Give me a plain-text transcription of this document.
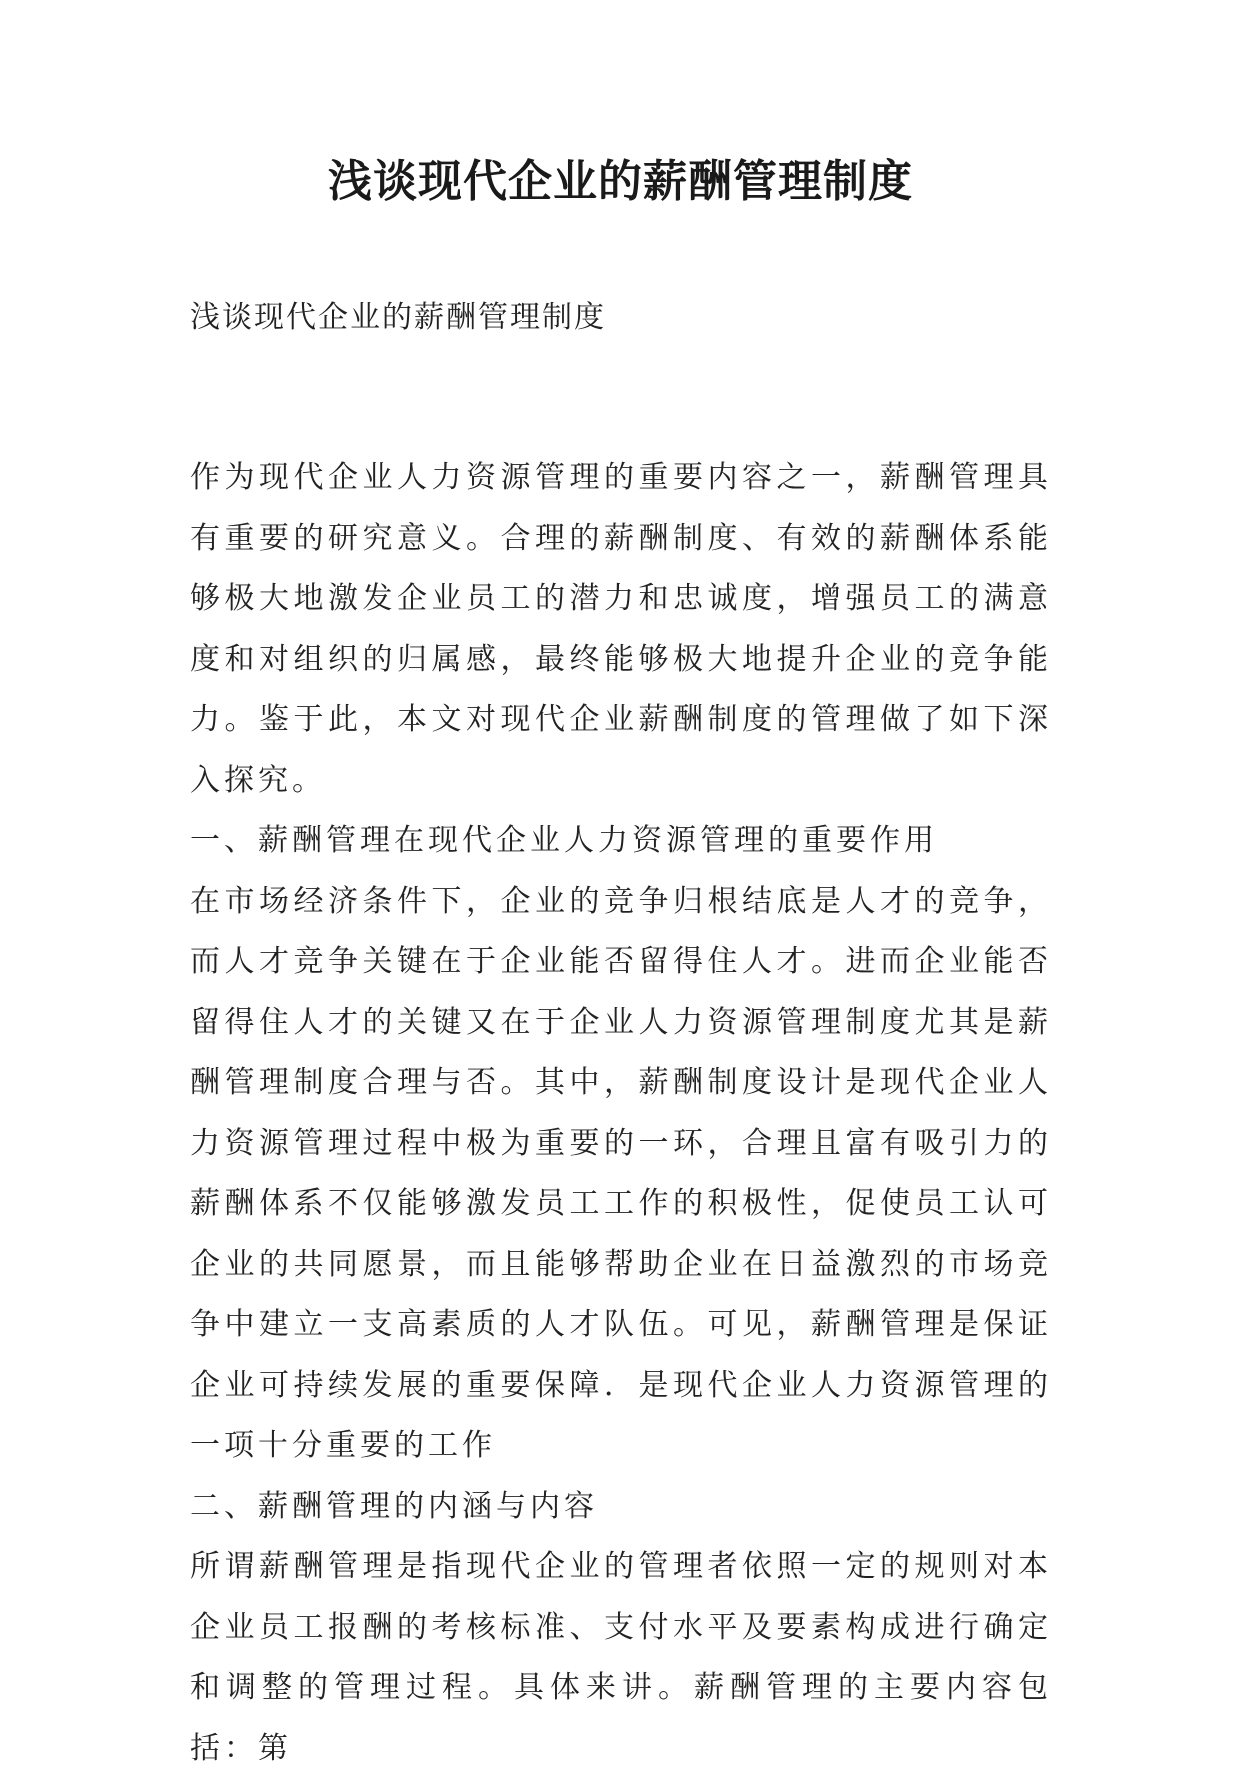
浅谈现代企业的薪酬管理制度

浅谈现代企业的薪酬管理制度

作为现代企业人力资源管理的重要内容之一，薪酬管理具有重要的研究意义。合理的薪酬制度、有效的薪酬体系能够极大地激发企业员工的潜力和忠诚度，增强员工的满意度和对组织的归属感，最终能够极大地提升企业的竞争能力。鉴于此，本文对现代企业薪酬制度的管理做了如下深入探究。

一、薪酬管理在现代企业人力资源管理的重要作用

在市场经济条件下，企业的竞争归根结底是人才的竞争，而人才竞争关键在于企业能否留得住人才。进而企业能否留得住人才的关键又在于企业人力资源管理制度尤其是薪酬管理制度合理与否。其中，薪酬制度设计是现代企业人力资源管理过程中极为重要的一环，合理且富有吸引力的薪酬体系不仅能够激发员工工作的积极性，促使员工认可企业的共同愿景，而且能够帮助企业在日益激烈的市场竞争中建立一支高素质的人才队伍。可见，薪酬管理是保证企业可持续发展的重要保障．是现代企业人力资源管理的一项十分重要的工作

二、薪酬管理的内涵与内容

所谓薪酬管理是指现代企业的管理者依照一定的规则对本企业员工报酬的考核标准、支付水平及要素构成进行确定和调整的管理过程。具体来讲。薪酬管理的主要内容包括：第
